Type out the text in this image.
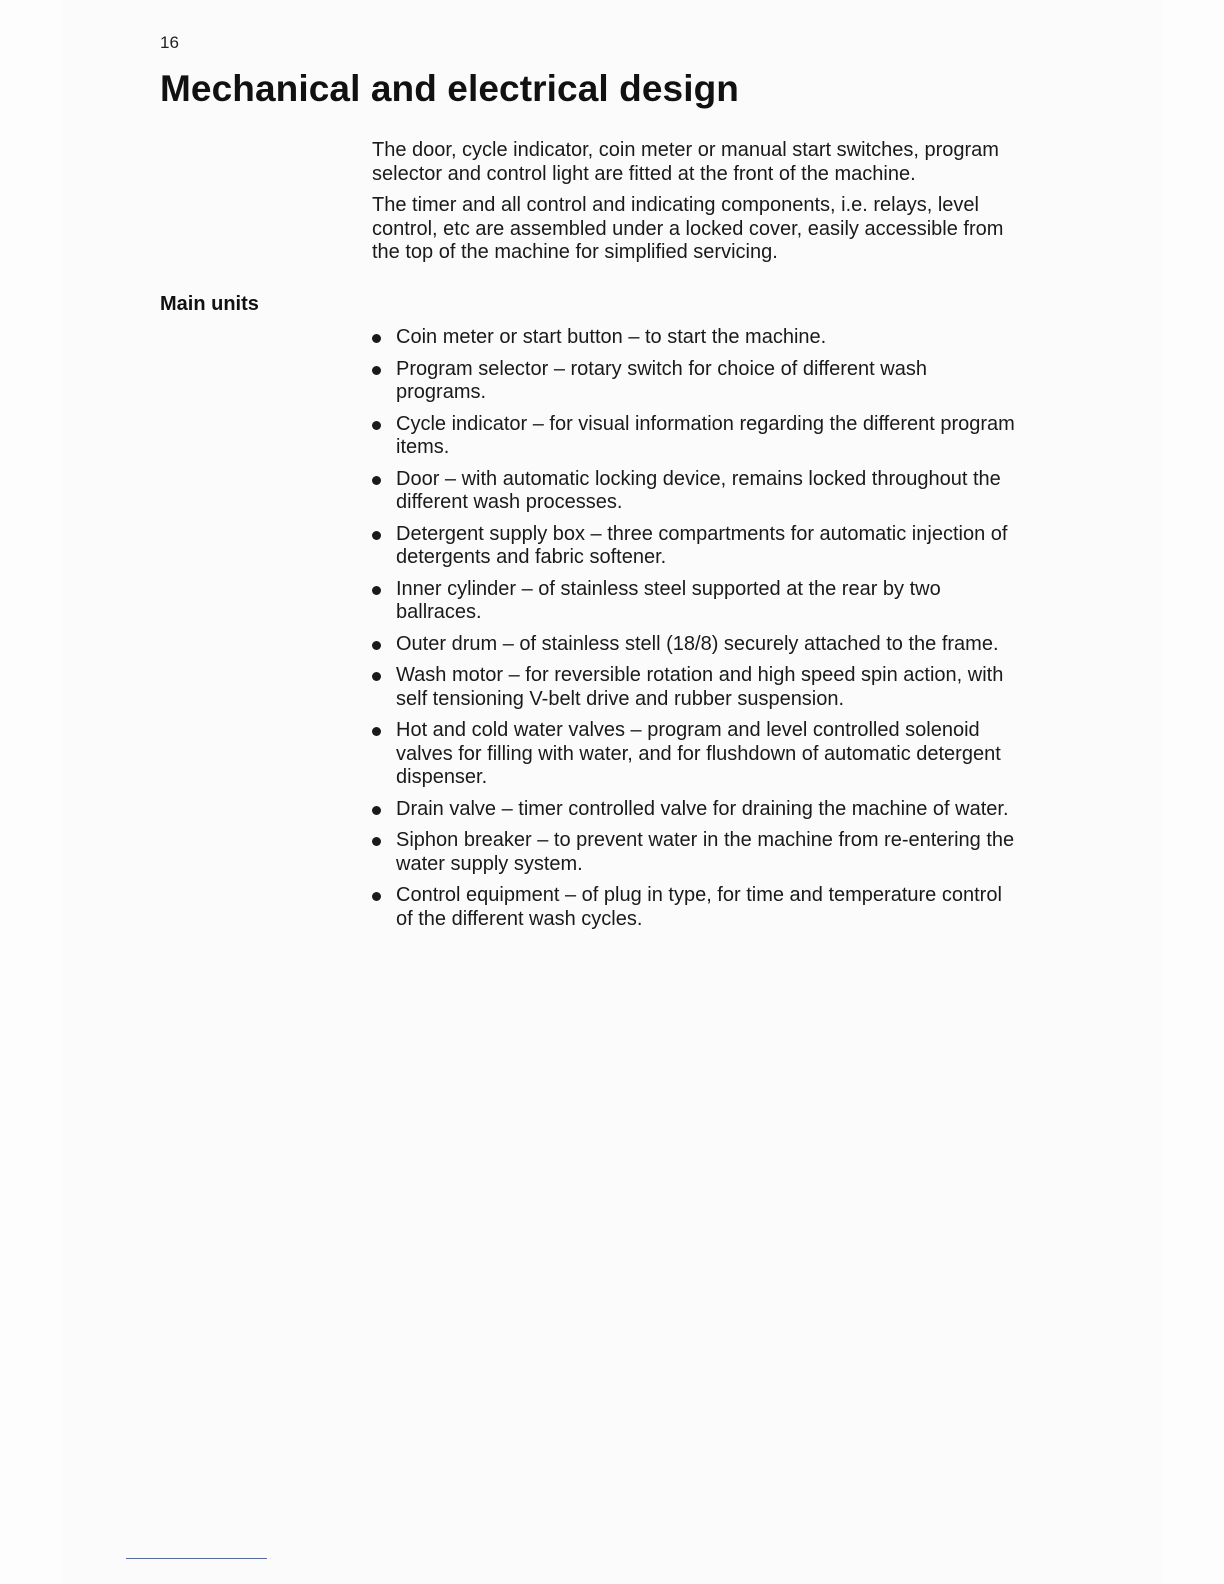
16
Mechanical and electrical design

The door, cycle indicator, coin meter or manual start switches, program selector and control light are fitted at the front of the machine.

The timer and all control and indicating components, i.e. relays, level control, etc are assembled under a locked cover, easily accessible from the top of the machine for simplified servicing.

Main units
Coin meter or start button – to start the machine.
Program selector – rotary switch for choice of different wash programs.
Cycle indicator – for visual information regarding the different program items.
Door – with automatic locking device, remains locked throughout the different wash processes.
Detergent supply box – three compartments for automatic injection of detergents and fabric softener.
Inner cylinder – of stainless steel supported at the rear by two ballraces.
Outer drum – of stainless stell (18/8) securely attached to the frame.
Wash motor – for reversible rotation and high speed spin action, with self tensioning V-belt drive and rubber suspension.
Hot and cold water valves – program and level controlled solenoid valves for filling with water, and for flushdown of automatic detergent dispenser.
Drain valve – timer controlled valve for draining the machine of water.
Siphon breaker – to prevent water in the machine from re-entering the water supply system.
Control equipment – of plug in type, for time and temperature control of the different wash cycles.
